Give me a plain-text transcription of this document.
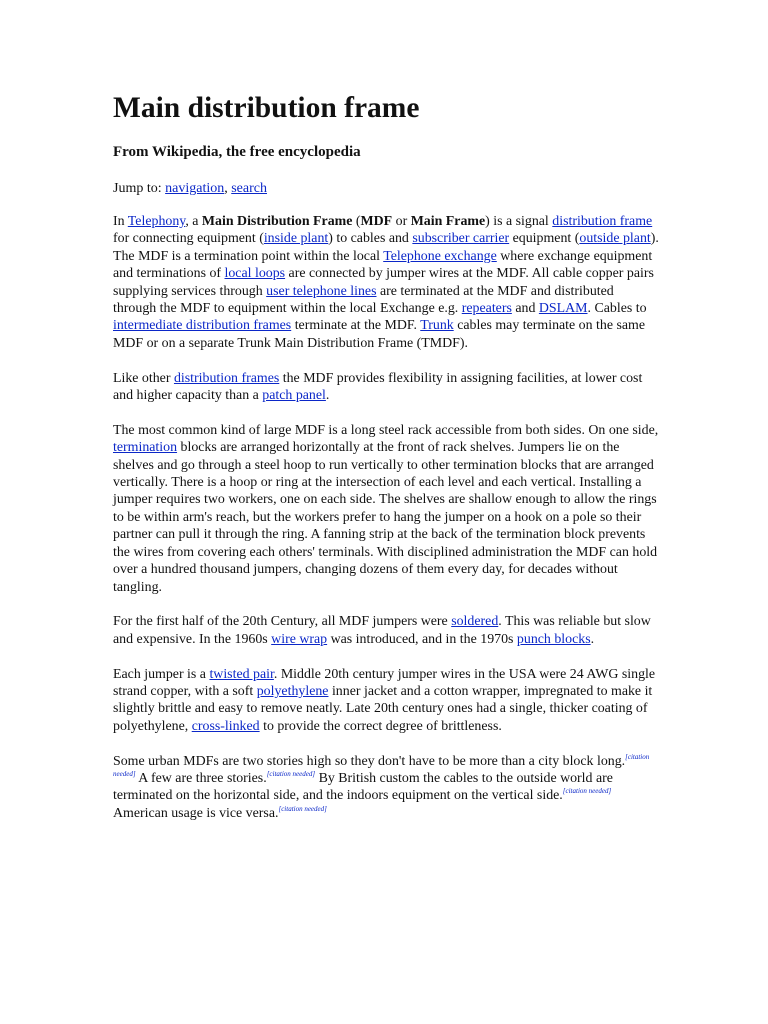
Main distribution frame
From Wikipedia, the free encyclopedia
Jump to: navigation, search

In Telephony, a Main Distribution Frame (MDF or Main Frame) is a signal distribution frame for connecting equipment (inside plant) to cables and subscriber carrier equipment (outside plant). The MDF is a termination point within the local Telephone exchange where exchange equipment and terminations of local loops are connected by jumper wires at the MDF. All cable copper pairs supplying services through user telephone lines are terminated at the MDF and distributed through the MDF to equipment within the local Exchange e.g. repeaters and DSLAM. Cables to intermediate distribution frames terminate at the MDF. Trunk cables may terminate on the same MDF or on a separate Trunk Main Distribution Frame (TMDF).

Like other distribution frames the MDF provides flexibility in assigning facilities, at lower cost and higher capacity than a patch panel.

The most common kind of large MDF is a long steel rack accessible from both sides. On one side, termination blocks are arranged horizontally at the front of rack shelves. Jumpers lie on the shelves and go through a steel hoop to run vertically to other termination blocks that are arranged vertically. There is a hoop or ring at the intersection of each level and each vertical. Installing a jumper requires two workers, one on each side. The shelves are shallow enough to allow the rings to be within arm's reach, but the workers prefer to hang the jumper on a hook on a pole so their partner can pull it through the ring. A fanning strip at the back of the termination block prevents the wires from covering each others' terminals. With disciplined administration the MDF can hold over a hundred thousand jumpers, changing dozens of them every day, for decades without tangling.

For the first half of the 20th Century, all MDF jumpers were soldered. This was reliable but slow and expensive. In the 1960s wire wrap was introduced, and in the 1970s punch blocks.

Each jumper is a twisted pair. Middle 20th century jumper wires in the USA were 24 AWG single strand copper, with a soft polyethylene inner jacket and a cotton wrapper, impregnated to make it slightly brittle and easy to remove neatly. Late 20th century ones had a single, thicker coating of polyethylene, cross-linked to provide the correct degree of brittleness.

Some urban MDFs are two stories high so they don't have to be more than a city block long.[citation needed] A few are three stories.[citation needed] By British custom the cables to the outside world are terminated on the horizontal side, and the indoors equipment on the vertical side.[citation needed] American usage is vice versa.[citation needed]
